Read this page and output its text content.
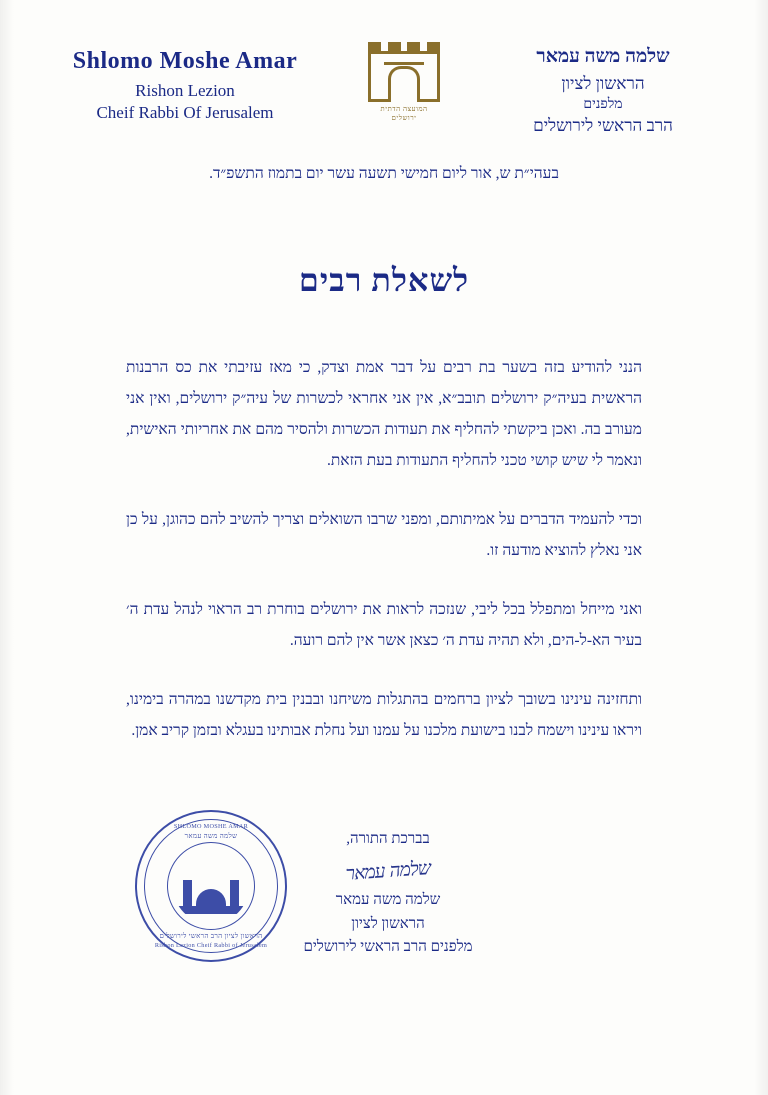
Shlomo Moshe Amar
Rishon Lezion
Cheif Rabbi Of Jerusalem	המועצה הדתית
ירושלים
שלמה משה עמאר
הראשון לציון
מלפנים
הרב הראשי לירושלים
בעהי״ת ש, אור ליום חמישי תשעה עשר יום בתמוז התשפ״ד.
לשאלת רבים

הנני להודיע בזה בשער בת רבים על דבר אמת וצדק, כי מאז עזיבתי את כס הרבנות הראשית בעיה״ק ירושלים תובב״א, אין אני אחראי לכשרות של עיה״ק ירושלים, ואין אני מעורב בה. ואכן ביקשתי להחליף את תעודות הכשרות ולהסיר מהם את אחריותי האישית, ונאמר לי שיש קושי טכני להחליף התעודות בעת הזאת.

וכדי להעמיד הדברים על אמיתותם, ומפני שרבו השואלים וצריך להשיב להם כהוגן, על כן אני נאלץ להוציא מודעה זו.

ואני מייחל ומתפלל בכל ליבי, שנזכה לראות את ירושלים בוחרת רב הראוי לנהל עדת ה׳ בעיר הא-ל-הים, ולא תהיה עדת ה׳ כצאן אשר אין להם רועה.

ותחזינה עינינו בשובך לציון ברחמים בהתגלות משיחנו ובבנין בית מקדשנו במהרה בימינו, ויראו עינינו וישמח לבנו בישועת מלכנו על עמנו ועל נחלת אבותינו בעגלא ובזמן קריב אמן.

בברכת התורה,
שלמה עמאר
שלמה משה עמאר
הראשון לציון
מלפנים הרב הראשי לירושלים
SHLOMO MOSHE AMAR
שלמה משה עמאר
הראשון לציון הרב הראשי לירושלים
Rishon Lezion Cheif Rabbi of Jerusalem
